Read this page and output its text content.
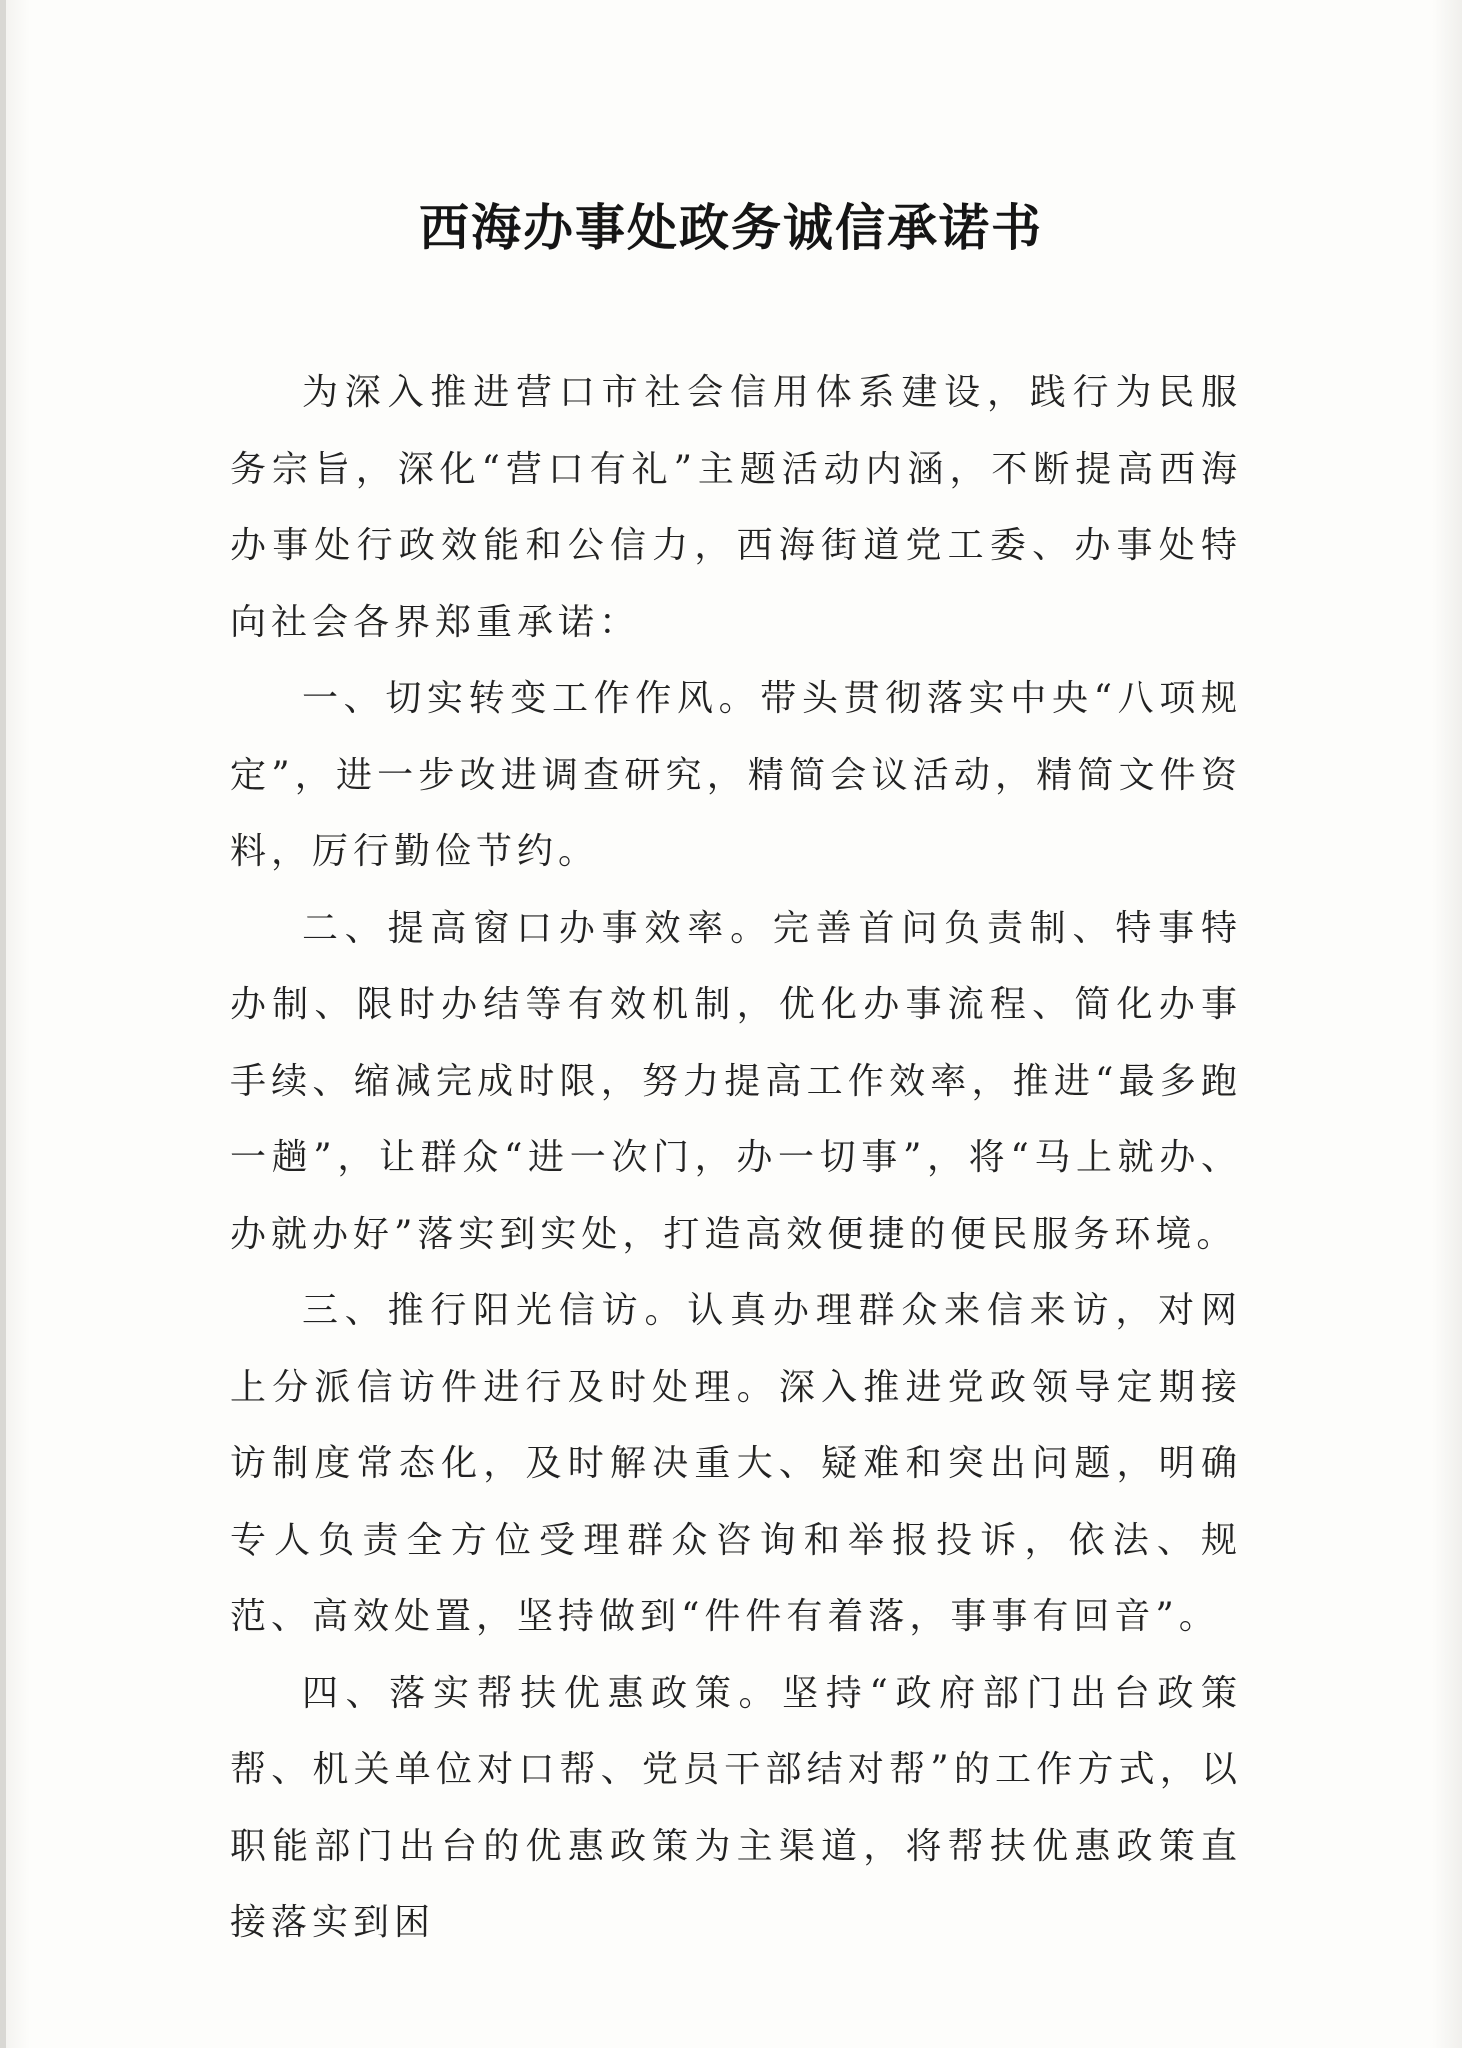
西海办事处政务诚信承诺书

为深入推进营口市社会信用体系建设，践行为民服务宗旨，深化“营口有礼”主题活动内涵，不断提高西海办事处行政效能和公信力，西海街道党工委、办事处特向社会各界郑重承诺：

一、切实转变工作作风。带头贯彻落实中央“八项规定”，进一步改进调查研究，精简会议活动，精简文件资料，厉行勤俭节约。

二、提高窗口办事效率。完善首问负责制、特事特办制、限时办结等有效机制，优化办事流程、简化办事手续、缩减完成时限，努力提高工作效率，推进“最多跑一趟”，让群众“进一次门，办一切事”，将“马上就办、办就办好”落实到实处，打造高效便捷的便民服务环境。

三、推行阳光信访。认真办理群众来信来访，对网上分派信访件进行及时处理。深入推进党政领导定期接访制度常态化，及时解决重大、疑难和突出问题，明确专人负责全方位受理群众咨询和举报投诉，依法、规范、高效处置，坚持做到“件件有着落，事事有回音”。

四、落实帮扶优惠政策。坚持“政府部门出台政策帮、机关单位对口帮、党员干部结对帮”的工作方式，以职能部门出台的优惠政策为主渠道，将帮扶优惠政策直接落实到困
